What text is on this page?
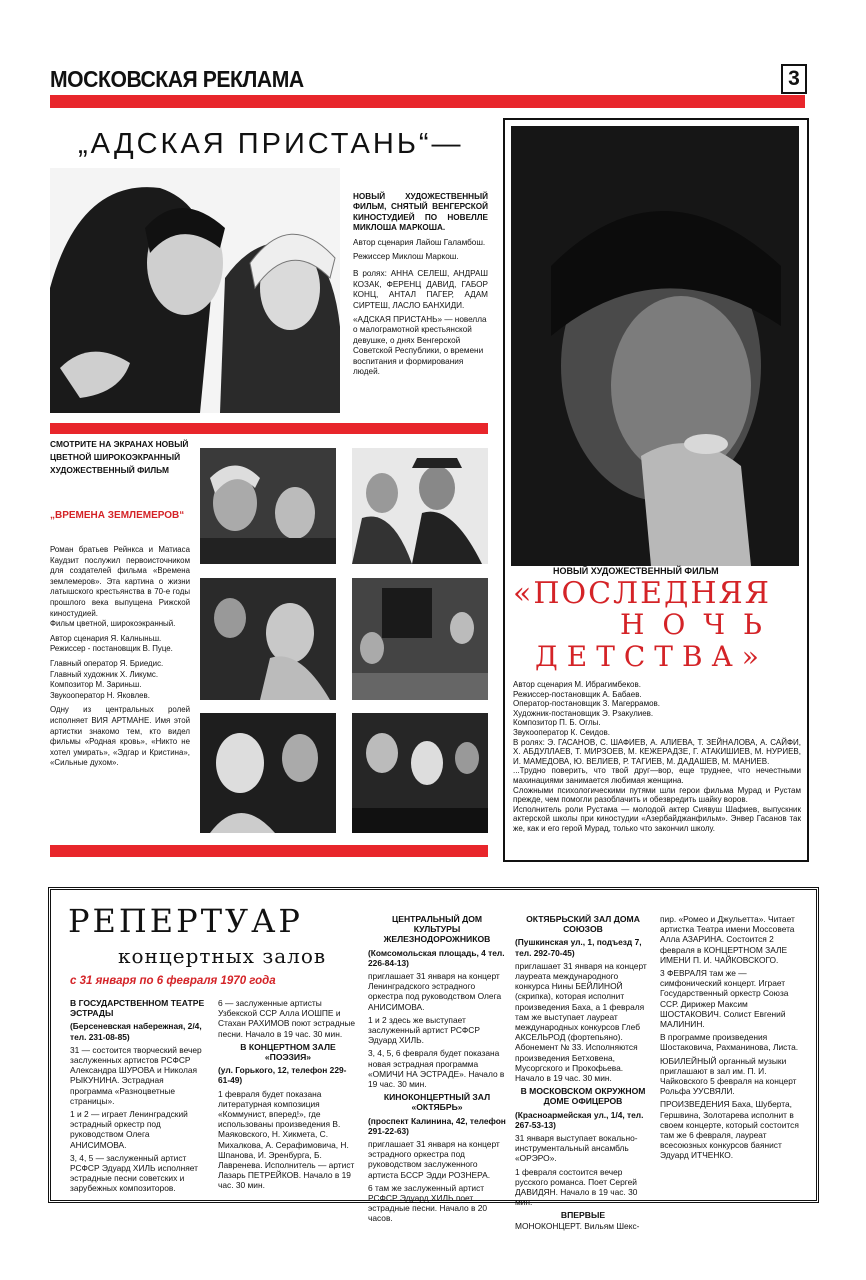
МОСКОВСКАЯ РЕКЛАМА	3
„АДСКАЯ ПРИСТАНЬ“—

НОВЫЙ ХУДОЖЕСТВЕННЫЙ ФИЛЬМ, СНЯТЫЙ ВЕНГЕРСКОЙ КИНОСТУДИЕЙ ПО НОВЕЛЛЕ МИКЛОША МАРКОША.

Автор сценария Лайош Галамбош.

Режиссер Миклош Маркош.

В ролях: АННА СЕЛЕШ, АНДРАШ КОЗАК, ФЕРЕНЦ ДАВИД, ГАБОР КОНЦ, АНТАЛ ПАГЕР, АДАМ СИРТЕШ, ЛАСЛО БАНХИДИ.

«АДСКАЯ ПРИСТАНЬ» — новелла о малограмотной крестьянской девушке, о днях Венгерской Советской Республики, о времени воспитания и формирования людей.

СМОТРИТЕ НА ЭКРАНАХ НОВЫЙ ЦВЕТНОЙ ШИРОКОЭКРАННЫЙ ХУДОЖЕСТВЕННЫЙ ФИЛЬМ
„ВРЕМЕНА ЗЕМЛЕМЕРОВ“

Роман братьев Рейнкса и Матиаса Каудзит послужил первоисточником для создателей фильма «Времена землемеров». Эта картина о жизни латышского крестьянства в 70-е годы прошлого века выпущена Рижской киностудией.

Фильм цветной, широкоэкранный.

Автор сценария Я. Калныньш.

Режиссер - постановщик В. Пуце.

Главный оператор Я. Бриедис.

Главный художник Х. Ликумс.

Композитор М. Зариньш.

Звукооператор Н. Яковлев.

Одну из центральных ролей исполняет ВИЯ АРТМАНЕ. Имя этой артистки знакомо тем, кто видел фильмы «Родная кровь», «Никто не хотел умирать», «Эдгар и Кристина», «Сильные духом».

НОВЫЙ ХУДОЖЕСТВЕННЫЙ ФИЛЬМ
«ПОСЛЕДНЯЯ
НОЧЬ
ДЕТСТВА»
Автор сценария М. Ибрагимбеков.
Режиссер-постановщик А. Бабаев.
Оператор-постановщик З. Магеррамов.
Художник-постановщик Э. Рзакулиев.
Композитор П. Б. Оглы.
Звукооператор К. Сеидов.
В ролях: Э. ГАСАНОВ, С. ШАФИЕВ, А. АЛИЕВА, Т. ЗЕЙНАЛОВА, А. САЙФИ, Х. АБДУЛЛАЕВ, Т. МИРЗОЕВ, М. КЕЖЕРАДЗЕ, Г. АТАКИШИЕВ, М. НУРИЕВ, И. МАМЕДОВА, Ю. ВЕЛИЕВ, Р. ТАГИЕВ, М. ДАДАШЕВ, М. МАНИЕВ.
...Трудно поверить, что твой друг—вор, еще труднее, что нечестными махинациями занимается любимая женщина.
Сложными психологическими путями шли герои фильма Мурад и Рустам прежде, чем помогли разоблачить и обезвредить шайку воров.
Исполнитель роли Рустама — молодой актер Сиявуш Шафиев, выпускник актерской школы при киностудии «Азербайджанфильм». Энвер Гасанов так же, как и его герой Мурад, только что закончил школу.
РЕПЕРТУАР
концертных залов
с 31 января по 6 февраля 1970 года
В ГОСУДАРСТВЕННОМ ТЕАТРЕ ЭСТРАДЫ

(Берсеневская набережная, 2/4, тел. 231-08-85)

31 — состоится творческий вечер заслуженных артистов РСФСР Александра ШУРОВА и Николая РЫКУНИНА. Эстрадная программа «Разноцветные страницы».

1 и 2 — играет Ленинградский эстрадный оркестр под руководством Олега АНИСИМОВА.

3, 4, 5 — заслуженный артист РСФСР Эдуард ХИЛЬ исполняет эстрадные песни советских и зарубежных композиторов.

6 — заслуженные артисты Узбекской ССР Алла ИОШПЕ и Стахан РАХИМОВ поют эстрадные песни. Начало в 19 час. 30 мин.

В КОНЦЕРТНОМ ЗАЛЕ «ПОЭЗИЯ»

(ул. Горького, 12, телефон 229-61-49)

1 февраля будет показана литературная композиция «Коммунист, вперед!», где использованы произведения В. Маяковского, Н. Хикмета, С. Михалкова, А. Серафимовича, Н. Шпанова, И. Эренбурга, Б. Лавренева. Исполнитель — артист Лазарь ПЕТРЕЙКОВ. Начало в 19 час. 30 мин.

ЦЕНТРАЛЬНЫЙ ДОМ КУЛЬТУРЫ ЖЕЛЕЗНОДОРОЖНИКОВ

(Комсомольская площадь, 4 тел. 226-84-13)

приглашает 31 января на концерт Ленинградского эстрадного оркестра под руководством Олега АНИСИМОВА.

1 и 2 здесь же выступает заслуженный артист РСФСР Эдуард ХИЛЬ.

3, 4, 5, 6 февраля будет показана новая эстрадная программа «ОМИЧИ НА ЭСТРАДЕ». Начало в 19 час. 30 мин.

КИНОКОНЦЕРТНЫЙ ЗАЛ «ОКТЯБРЬ»

(проспект Калинина, 42, телефон 291-22-63)

приглашает 31 января на концерт эстрадного оркестра под руководством заслуженного артиста БССР Эдди РОЗНЕРА.

6 там же заслуженный артист РСФСР Эдуард ХИЛЬ поет эстрадные песни. Начало в 20 часов.

ОКТЯБРЬСКИЙ ЗАЛ ДОМА СОЮЗОВ

(Пушкинская ул., 1, подъезд 7, тел. 292-70-45)

приглашает 31 января на концерт лауреата международного конкурса Нины БЕЙЛИНОЙ (скрипка), которая исполнит произведения Баха, а 1 февраля там же выступает лауреат международных конкурсов Глеб АКСЕЛЬРОД (фортепьяно). Абонемент № 33. Исполняются произведения Бетховена, Мусоргского и Прокофьева. Начало в 19 час. 30 мин.

В МОСКОВСКОМ ОКРУЖНОМ ДОМЕ ОФИЦЕРОВ

(Красноармейская ул., 1/4, тел. 267-53-13)

31 января выступает вокально-инструментальный ансамбль «ОРЭРО».

1 февраля состоится вечер русского романса. Поет Сергей ДАВИДЯН. Начало в 19 час. 30 мин.

ВПЕРВЫЕ

МОНОКОНЦЕРТ. Вильям Шекс-

пир. «Ромео и Джульетта». Читает артистка Театра имени Моссовета Алла АЗАРИНА. Состоится 2 февраля в КОНЦЕРТНОМ ЗАЛЕ ИМЕНИ П. И. ЧАЙКОВСКОГО.

3 ФЕВРАЛЯ там же — симфонический концерт. Играет Государственный оркестр Союза ССР. Дирижер Максим ШОСТАКОВИЧ. Солист Евгений МАЛИНИН.

В программе произведения Шостаковича, Рахманинова, Листа.

ЮБИЛЕЙНЫЙ органный музыки приглашают в зал им. П. И. Чайковского 5 февраля на концерт Рольфа УУСВЯЛИ.

ПРОИЗВЕДЕНИЯ Баха, Шуберта, Гершвина, Золотарева исполнит в своем концерте, который состоится там же 6 февраля, лауреат всесоюзных конкурсов баянист Эдуард ИТЧЕНКО.
